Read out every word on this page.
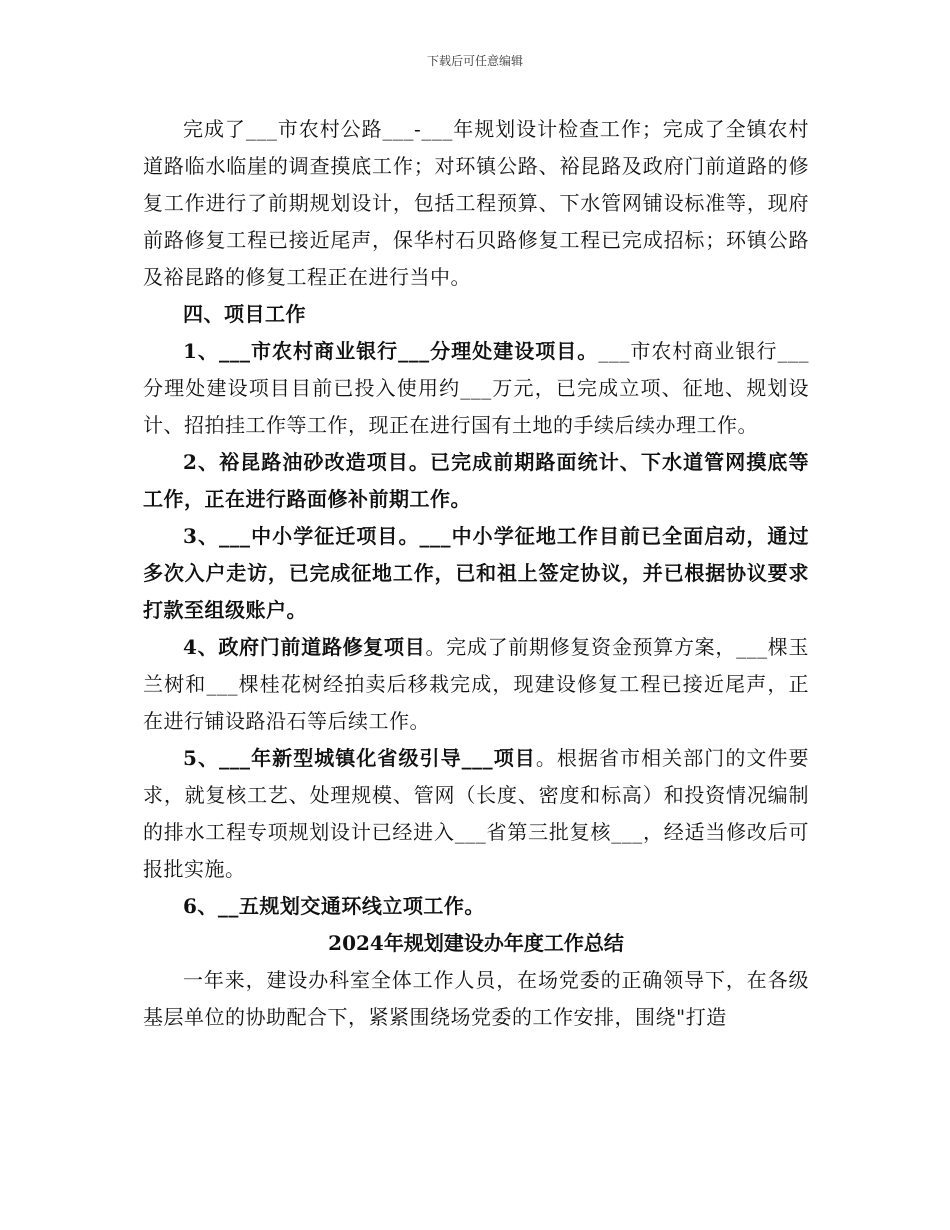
下载后可任意编辑

完成了___市农村公路___-___年规划设计检查工作；完成了全镇农村道路临水临崖的调查摸底工作；对环镇公路、裕昆路及政府门前道路的修复工作进行了前期规划设计，包括工程预算、下水管网铺设标准等，现府前路修复工程已接近尾声，保华村石贝路修复工程已完成招标；环镇公路及裕昆路的修复工程正在进行当中。

四、项目工作

1、___市农村商业银行___分理处建设项目。___市农村商业银行___分理处建设项目目前已投入使用约___万元，已完成立项、征地、规划设计、招拍挂工作等工作，现正在进行国有土地的手续后续办理工作。

2、裕昆路油砂改造项目。已完成前期路面统计、下水道管网摸底等工作，正在进行路面修补前期工作。

3、___中小学征迁项目。___中小学征地工作目前已全面启动，通过多次入户走访，已完成征地工作，已和祖上签定协议，并已根据协议要求打款至组级账户。

4、政府门前道路修复项目。完成了前期修复资金预算方案，___棵玉兰树和___棵桂花树经拍卖后移栽完成，现建设修复工程已接近尾声，正在进行铺设路沿石等后续工作。

5、___年新型城镇化省级引导___项目。根据省市相关部门的文件要求，就复核工艺、处理规模、管网（长度、密度和标高）和投资情况编制的排水工程专项规划设计已经进入___省第三批复核___，经适当修改后可报批实施。

6、__五规划交通环线立项工作。

2024年规划建设办年度工作总结

一年来，建设办科室全体工作人员，在场党委的正确领导下，在各级基层单位的协助配合下，紧紧围绕场党委的工作安排，围绕"打造
